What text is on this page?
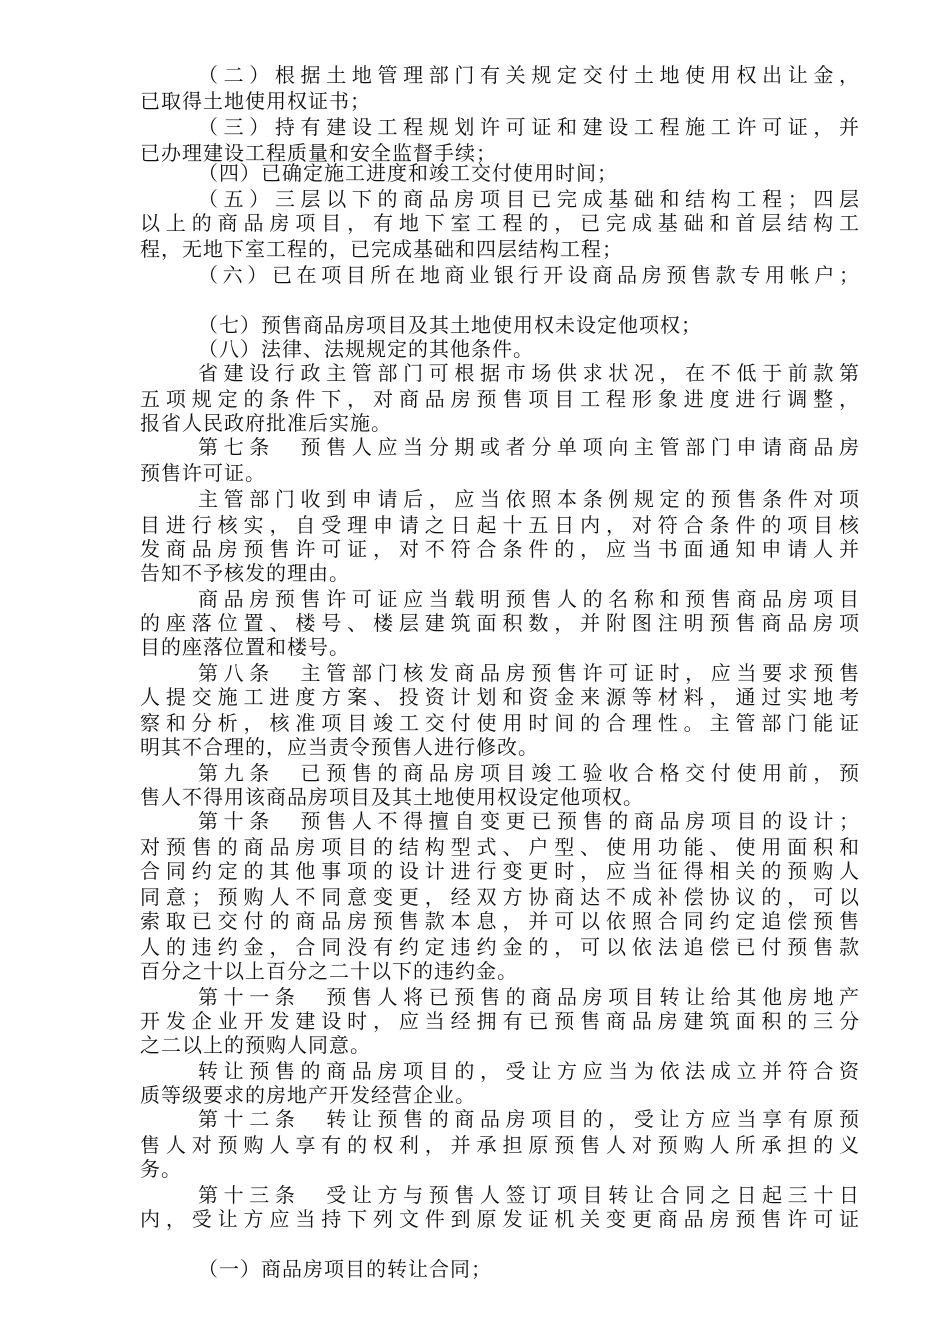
（二）根据土地管理部门有关规定交付土地使用权出让金，
已取得土地使用权证书；
（三）持有建设工程规划许可证和建设工程施工许可证，并
已办理建设工程质量和安全监督手续；
（四）已确定施工进度和竣工交付使用时间；
（五）三层以下的商品房项目已完成基础和结构工程；四层
以上的商品房项目，有地下室工程的，已完成基础和首层结构工
程，无地下室工程的，已完成基础和四层结构工程；
（六）已在项目所在地商业银行开设商品房预售款专用帐户；
（七）预售商品房项目及其土地使用权未设定他项权；
（八）法律、法规规定的其他条件。
省建设行政主管部门可根据市场供求状况，在不低于前款第
五项规定的条件下，对商品房预售项目工程形象进度进行调整，
报省人民政府批准后实施。
第七条　预售人应当分期或者分单项向主管部门申请商品房
预售许可证。
主管部门收到申请后，应当依照本条例规定的预售条件对项
目进行核实，自受理申请之日起十五日内，对符合条件的项目核
发商品房预售许可证，对不符合条件的，应当书面通知申请人并
告知不予核发的理由。
商品房预售许可证应当载明预售人的名称和预售商品房项目
的座落位置、楼号、楼层建筑面积数，并附图注明预售商品房项
目的座落位置和楼号。
第八条　主管部门核发商品房预售许可证时，应当要求预售
人提交施工进度方案、投资计划和资金来源等材料，通过实地考
察和分析，核准项目竣工交付使用时间的合理性。主管部门能证
明其不合理的，应当责令预售人进行修改。
第九条　已预售的商品房项目竣工验收合格交付使用前，预
售人不得用该商品房项目及其土地使用权设定他项权。
第十条　预售人不得擅自变更已预售的商品房项目的设计；
对预售的商品房项目的结构型式、户型、使用功能、使用面积和
合同约定的其他事项的设计进行变更时，应当征得相关的预购人
同意；预购人不同意变更，经双方协商达不成补偿协议的，可以
索取已交付的商品房预售款本息，并可以依照合同约定追偿预售
人的违约金，合同没有约定违约金的，可以依法追偿已付预售款
百分之十以上百分之二十以下的违约金。
第十一条　预售人将已预售的商品房项目转让给其他房地产
开发企业开发建设时，应当经拥有已预售商品房建筑面积的三分
之二以上的预购人同意。
转让预售的商品房项目的，受让方应当为依法成立并符合资
质等级要求的房地产开发经营企业。
第十二条　转让预售的商品房项目的，受让方应当享有原预
售人对预购人享有的权利，并承担原预售人对预购人所承担的义
务。
第十三条　受让方与预售人签订项目转让合同之日起三十日
内，受让方应当持下列文件到原发证机关变更商品房预售许可证
（一）商品房项目的转让合同；
